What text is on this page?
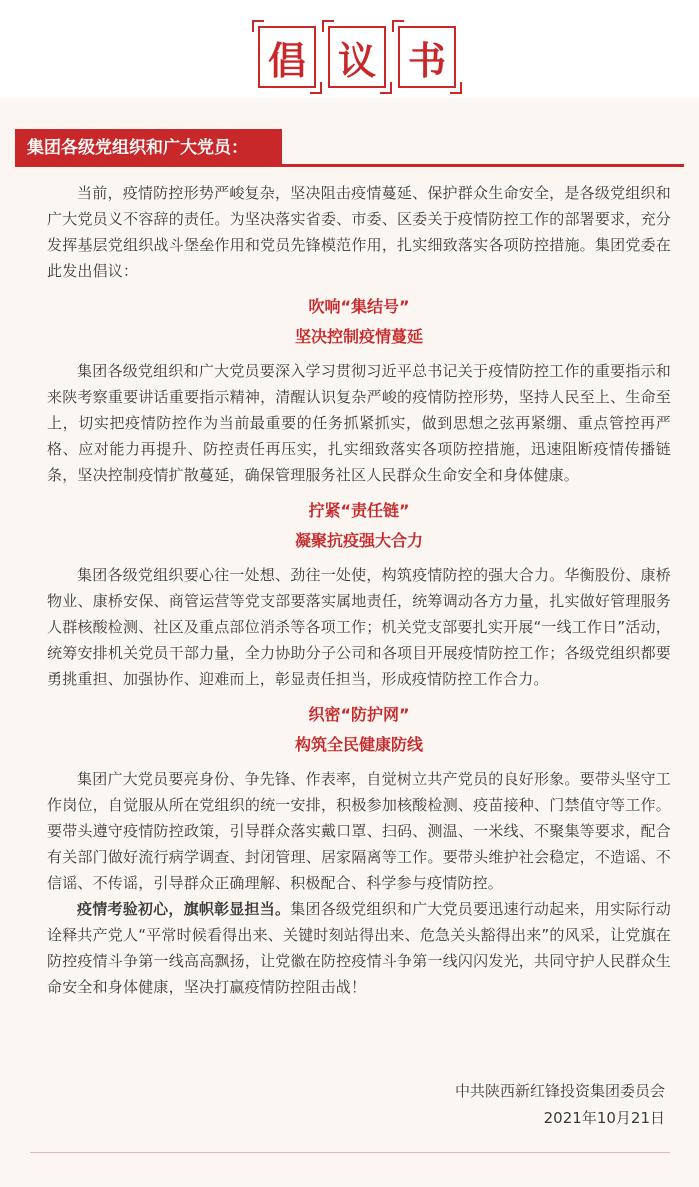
倡 议 书
集团各级党组织和广大党员：

当前，疫情防控形势严峻复杂，坚决阻击疫情蔓延、保护群众生命安全，是各级党组织和广大党员义不容辞的责任。为坚决落实省委、市委、区委关于疫情防控工作的部署要求，充分发挥基层党组织战斗堡垒作用和党员先锋模范作用，扎实细致落实各项防控措施。集团党委在此发出倡议：

吹响“集结号”

坚决控制疫情蔓延

集团各级党组织和广大党员要深入学习贯彻习近平总书记关于疫情防控工作的重要指示和来陕考察重要讲话重要指示精神，清醒认识复杂严峻的疫情防控形势，坚持人民至上、生命至上，切实把疫情防控作为当前最重要的任务抓紧抓实，做到思想之弦再紧绷、重点管控再严格、应对能力再提升、防控责任再压实，扎实细致落实各项防控措施，迅速阻断疫情传播链条，坚决控制疫情扩散蔓延，确保管理服务社区人民群众生命安全和身体健康。

拧紧“责任链”

凝聚抗疫强大合力

集团各级党组织要心往一处想、劲往一处使，构筑疫情防控的强大合力。华衡股份、康桥物业、康桥安保、商管运营等党支部要落实属地责任，统筹调动各方力量，扎实做好管理服务人群核酸检测、社区及重点部位消杀等各项工作；机关党支部要扎实开展“一线工作日”活动，统筹安排机关党员干部力量，全力协助分子公司和各项目开展疫情防控工作；各级党组织都要勇挑重担、加强协作、迎难而上，彰显责任担当，形成疫情防控工作合力。

织密“防护网”

构筑全民健康防线

集团广大党员要亮身份、争先锋、作表率，自觉树立共产党员的良好形象。要带头坚守工作岗位，自觉服从所在党组织的统一安排，积极参加核酸检测、疫苗接种、门禁值守等工作。要带头遵守疫情防控政策，引导群众落实戴口罩、扫码、测温、一米线、不聚集等要求，配合有关部门做好流行病学调查、封闭管理、居家隔离等工作。要带头维护社会稳定，不造谣、不信谣、不传谣，引导群众正确理解、积极配合、科学参与疫情防控。

疫情考验初心，旗帜彰显担当。集团各级党组织和广大党员要迅速行动起来，用实际行动诠释共产党人“平常时候看得出来、关键时刻站得出来、危急关头豁得出来”的风采，让党旗在防控疫情斗争第一线高高飘扬，让党徽在防控疫情斗争第一线闪闪发光，共同守护人民群众生命安全和身体健康，坚决打赢疫情防控阻击战！

中共陕西新红锋投资集团委员会
2021年10月21日
